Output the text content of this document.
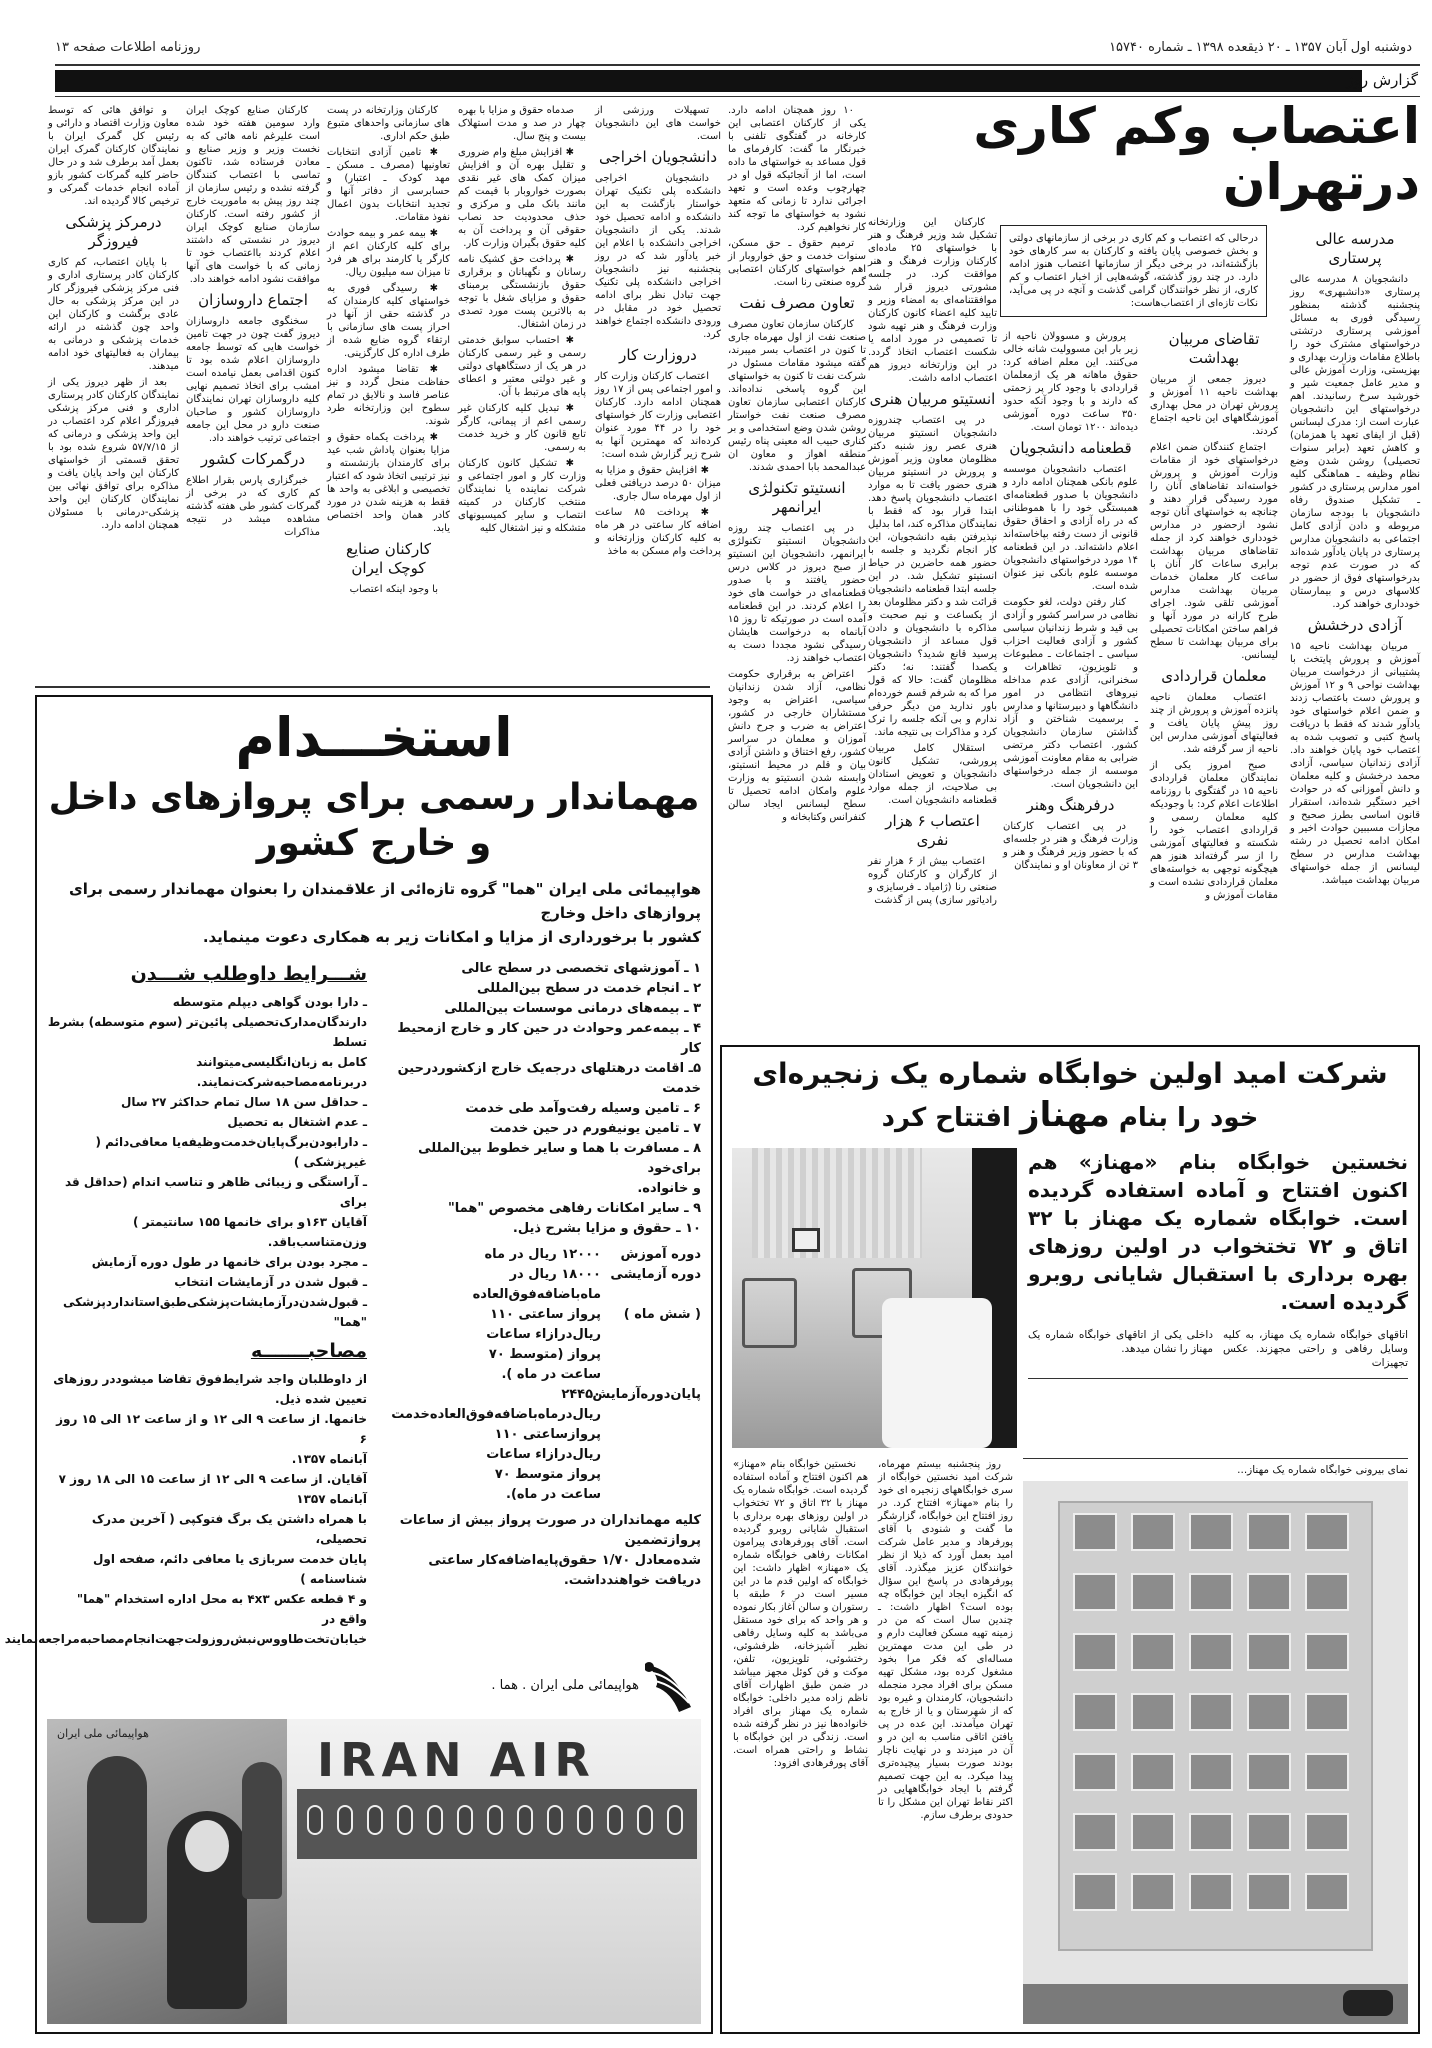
دوشنبه اول آبان ۱۳۵۷ ـ ۲۰ ذیقعده ۱۳۹۸ ـ شماره ۱۵۷۴۰
روزنامه اطلاعات صفحه ۱۳
گزارش روز
اعتصاب وکم کاری درتهران
درحالی که اعتصاب و کم کاری در برخی از سازمانهای دولتی و بخش خصوصی پایان یافته و کارکنان به سر کارهای خود بازگشته‌اند، در برخی دیگر از سازمانها اعتصاب هنوز ادامه دارد. در چند روز گذشته، گوشه‌هایی از اخبار اعتصاب و کم کاری، از نظر خوانندگان گرامی گذشت و آنچه در پی می‌آید، نکات تازه‌ای از اعتصاب‌هاست:
مدرسه عالی پرستاری

دانشجویان ۸ مدرسه عالی پرستاری «دانشبهری» روز پنجشنبه گذشته بمنظور رسیدگی فوری به مسائل آموزشی پرستاری درتشتی درخواستهای مشترک خود را باطلاع مقامات وزارت بهداری و بهزیستی، وزارت آموزش عالی و مدیر عامل جمعیت شیر و خورشید سرخ رسانیدند. اهم درخواستهای این دانشجویان عبارت است از: مدرک لیسانس (قبل از ایفای تعهد یا همزمان) و کاهش تعهد (برابر سنوات تحصیلی) روشن شدن وضع نظام وظیفه ـ هماهنگی کلیه امور مدارس پرستاری در کشور ـ تشکیل صندوق رفاه دانشجویان با بودجه سازمان مربوطه و دادن آزادی کامل اجتماعی به دانشجویان مدارس پرستاری در پایان یادآور شده‌اند که در صورت عدم توجه بدرخواستهای فوق از حضور در کلاسهای درس و بیمارستان خودداری خواهند کرد.

آزادی درخشش

مربیان بهداشت ناحیه ۱۵ آموزش و پرورش پایتخت با پشتیبانی از درخواست مربیان بهداشت نواحی ۹ و ۱۲ آموزش و پرورش دست باعتصاب زدند و ضمن اعلام خواستهای خود یادآور شدند که فقط با دریافت پاسخ کتبی و تصویب شده به اعتصاب خود پایان خواهند داد. آزادی زندانیان سیاسی، آزادی محمد درخشش و کلیه معلمان و دانش آموزانی که در حوادث اخیر دستگیر شده‌اند، استقرار قانون اساسی بطرز صحیح و مجازات مسببین حوادث اخیر و امکان ادامه تحصیل در رشته بهداشت مدارس در سطح لیسانس از جمله خواستهای مربیان بهداشت میباشد.

تقاضای مربیان بهداشت

دیروز جمعی از مربیان بهداشت ناحیه ۱۱ آموزش و پرورش تهران در محل بهداری آموزشگاههای این ناحیه اجتماع کردند.

اجتماع کنندگان ضمن اعلام درخواستهای خود از مقامات وزارت آموزش و پرورش خواسته‌اند تقاضاهای آنان را مورد رسیدگی قرار دهند و چنانچه به خواستهای آنان توجه نشود ازحضور در مدارس خودداری خواهند کرد از جمله تقاضاهای مربیان بهداشت برابری ساعات کار آنان با ساعت کار معلمان خدمات مربیان بهداشت مدارس آموزشی تلقی شود. اجرای طرح کارانه در مورد آنها و فراهم ساختن امکانات تحصیلی برای مربیان بهداشت تا سطح لیسانس.

معلمان قراردادی

اعتصاب معلمان ناحیه پانزده آموزش و پرورش از چند روز پیش پایان یافت و فعالیتهای آموزشی مدارس این ناحیه از سر گرفته شد.

صبح امروز یکی از نمایندگان معلمان قراردادی ناحیه ۱۵ در گفتگوی با روزنامه اطلاعات اعلام کرد: با وجودیکه کلیه معلمان رسمی و قراردادی اعتصاب خود را شکسته و فعالیتهای آموزشی را از سر گرفته‌اند هنوز هم هیچگونه توجهی به خواسته‌های معلمان قراردادی نشده است و مقامات آموزش و

پرورش و مسوولان ناحیه از زیر بار این مسوولیت شانه خالی می‌کنند. این معلم اضافه کرد: حقوق ماهانه هر یک ازمعلمان قراردادی با وجود کار پر زحمتی که دارند و با وجود آنکه حدود ۳۵۰ ساعت دوره آموزشی دیده‌اند ۱۲۰۰ تومان است.

قطعنامه دانشجویان

اعتصاب دانشجویان موسسه علوم بانکی همچنان ادامه دارد و دانشجویان با صدور قطعنامه‌ای همبستگی خود را با هموطنانی که در راه آزادی و احقاق حقوق قانونی از دست رفته بپاخاسته‌اند اعلام داشته‌اند. در این قطعنامه ۱۴ مورد درخواستهای دانشجویان موسسه علوم بانکی نیز عنوان شده است.

کنار رفتن دولت، لغو حکومت نظامی در سراسر کشور و آزادی بی قید و شرط زندانیان سیاسی کشور و آزادی فعالیت احزاب سیاسی ـ اجتماعات ـ مطبوعات و تلویزیون، تظاهرات و سخنرانی، آزادی عدم مداخله نیروهای انتظامی در امور دانشگاهها و دبیرستانها و مدارس ـ برسمیت شناختن و آزاد گذاشتن سازمان دانشجویان کشور. اعتصاب دکتر مرتضی ضرابی به مقام معاونت آموزشی موسسه از جمله درخواستهای این دانشجویان است.

درفرهنگ وهنر

در پی اعتصاب کارکنان وزارت فرهنگ و هنر در جلسه‌ای که با حضور وزیر فرهنگ و هنر و ۳ تن از معاونان او و نمایندگان

کارکنان این وزارتخانه تشکیل شد وزیر فرهنگ و هنر با خواستهای ۲۵ ماده‌ای کارکنان وزارت فرهنگ و هنر موافقت کرد. در جلسه مشورتی دیروز قرار شد موافقتنامه‌ای به امضاء وزیر و تایید کلیه اعضاء کانون کارکنان وزارت فرهنگ و هنر تهیه شود تا تصمیمی در مورد ادامه یا شکست اعتصاب اتخاذ گردد. در این وزارتخانه دیروز هم اعتصاب ادامه داشت.

انستیتو مربیان هنری

در پی اعتصاب چندروزه دانشجویان انستیتو مربیان هنری عصر روز شنبه دکتر مظلومان معاون وزیر آموزش و پرورش در انستیتو مربیان هنری حضور یافت تا به موارد اعتصاب دانشجویان پاسخ دهد. ابتدا قرار بود که فقط با نمایندگان مذاکره کند، اما بدلیل نپذیرفتن بقیه دانشجویان، این کار انجام نگردید و جلسه با حضور همه حاضرین در حیاط انستیتو تشکیل شد. در این جلسه ابتدا قطعنامه دانشجویان قرائت شد و دکتر مظلومان بعد از یکساعت و نیم صحبت و مذاکره با دانشجویان و دادن قول مساعد از دانشجویان پرسید قانع شدید؟ دانشجویان یکصدا گفتند: نه؛ دکتر مظلومان گفت: حالا که قول مرا که به شرفم قسم خورده‌ام باور ندارید من دیگر حرفی ندارم و بی آنکه جلسه را ترک کرد و مذاکرات بی نتیجه ماند.

استقلال کامل مربیان پرورشی، تشکیل کانون دانشجویان و تعویض استادان بی صلاحیت، از جمله موارد قطعنامه دانشجویان است.

اعتصاب ۶ هزار نفری

اعتصاب بیش از ۶ هزار نفر از کارگران و کارکنان گروه صنعتی رنا (ژامیاد ـ فرسایزی و رادیاتور سازی) پس از گذشت

۱۰ روز همچنان ادامه دارد. یکی از کارکنان اعتصابی این کارخانه در گفتگوی تلفنی با خبرنگار ما گفت: کارفرمای ما قول مساعد به خواستهای ما داده است، اما از آنجائیکه قول او در چهارچوب وعده است و تعهد اجرائی ندارد تا زمانی که متعهد نشود به خواستهای ما توجه کند کار نخواهیم کرد.

ترمیم حقوق ـ حق مسکن، سنوات خدمت و حق خواروبار از اهم خواستهای کارکنان اعتصابی گروه صنعتی رنا است.

تعاون مصرف نفت

کارکنان سازمان تعاون مصرف صنعت نفت از اول مهرماه جاری تا کنون در اعتصاب بسر میبرند، گفته میشود مقامات مسئول در شرکت نفت تا کنون به خواستهای این گروه پاسخی نداده‌اند. کارکنان اعتصابی سازمان تعاون مصرف صنعت نفت خواستار روشن شدن وضع استخدامی و بر کناری حبیب اله معینی پناه رئیس منطقه اهواز و معاون ان عبدالمحمد بابا احمدی شدند.

انستیتو تکنولژی ایرانمهر

در پی اعتصاب چند روزه دانشجویان انستیتو تکنولژی ایرانمهر، دانشجویان این انستیتو از صبح دیروز در کلاس درس حضور یافتند و با صدور قطعنامه‌ای در خواست های خود را اعلام کردند. در این قطعنامه آمده است در صورتیکه تا روز ۱۵ آبانماه به درخواست هایشان رسیدگی نشود مجددا دست به اعتصاب خواهند زد.

اعتراض به برقراری حکومت نظامی، آزاد شدن زندانیان سیاسی، اعتراض به وجود مستشاران خارجی در کشور، اعتراض به ضرب و جرح دانش آموزان و معلمان در سراسر کشور، رفع اختناق و داشتن آزادی بیان و قلم در محیط انستیتو، وابسته شدن انستیتو به وزارت علوم وامکان ادامه تحصیل تا سطح لیسانس ایجاد سالن کنفرانس وکتابخانه و

تسهیلات ورزشی از خواست های این دانشجویان است.

دانشجویان اخراجی

دانشجویان اخراجی دانشکده پلی تکنیک تهران خواستار بازگشت به این دانشکده و ادامه تحصیل خود شدند. یکی از دانشجویان اخراجی دانشکده با اعلام این خبر یادآور شد که در روز پنجشنبه نیز دانشجویان اخراجی دانشکده پلی تکنیک جهت تبادل نظر برای ادامه تحصیل خود در مقابل در ورودی دانشکده اجتماع خواهند کرد.

دروزارت کار

اعتصاب کارکنان وزارت کار و امور اجتماعی پس از ۱۷ روز همچنان ادامه دارد. کارکنان اعتصابی وزارت کار خواستهای خود را در ۴۴ مورد عنوان کرده‌اند که مهمترین آنها به شرح زیر گزارش شده است:

✱ افزایش حقوق و مزایا به میزان ۵۰ درصد دریافتی فعلی از اول مهرماه سال جاری.

✱ پرداخت ۸۵ ساعت اضافه کار ساعتی در هر ماه به کلیه کارکنان وزارتخانه و پرداخت وام مسکن به ماخذ

صدماه حقوق و مزایا با بهره چهار در صد و مدت استهلاک بیست و پنج سال.

✱ افزایش مبلغ وام ضروری و تقلیل بهره آن و افزایش میزان کمک های غیر نقدی بصورت خواروبار با قیمت کم مانند بانک ملی و مرکزی و حذف محدودیت حد نصاب حقوقی آن و پرداخت آن به کلیه حقوق بگیران وزارت کار.

✱ پرداخت حق کشیک نامه رسانان و نگهبانان و برقراری حقوق بازنشستگی برمبنای حقوق و مزایای شغل با توجه به بالاترین پست مورد تصدی در زمان اشتغال.

✱ احتساب سوابق خدمتی رسمی و غیر رسمی کارکنان در هر یک از دستگاههای دولتی و غیر دولتی معتبر و اعطای پایه های مرتبط با آن.

✱ تبدیل کلیه کارکنان غیر رسمی اعم از پیمانی، کارگر تابع قانون کار و خرید خدمت به رسمی.

✱ تشکیل کانون کارکنان وزارت کار و امور اجتماعی و شرکت نماینده یا نمایندگان منتخب کارکنان در کمیته انتصاب و سایر کمیسیونهای متشکله و نیز اشتغال کلیه

کارکنان وزارتخانه در پست های سازمانی واحدهای متبوع طبق حکم اداری.

✱ تامین آزادی انتخابات تعاونیها (مصرف ـ مسکن ـ مهد کودک ـ اعتبار) و حسابرسی از دفاتر آنها و تجدید انتخابات بدون اعمال نفوذ مقامات.

✱ بیمه عمر و بیمه حوادث برای کلیه کارکنان اعم از کارگر یا کارمند برای هر فرد تا میزان سه میلیون ریال.

✱ رسیدگی فوری به خواستهای کلیه کارمندان که در گذشته حقی از آنها در احراز پست های سازمانی با ارتقاء گروه ضایع شده از طرف اداره کل کارگزینی.

✱ تقاضا میشود اداره حفاظت منحل گردد و نیز عناصر فاسد و نالایق در تمام سطوح این وزارتخانه طرد شوند.

✱ پرداخت یکماه حقوق و مزایا بعنوان پاداش شب عید برای کارمندان بازنشسته و نیز ترتیبی اتخاذ شود که اعتبار تخصیصی و ابلاغی به واحد ها فقط به هزینه شدن در مورد کادر همان واحد اختصاص یابد.

کارکنان صنایع کوچک ایران

با وجود اینکه اعتصاب

کارکنان صنایع کوچک ایران وارد سومین هفته خود شده است علیرغم نامه هائی که به نخست وزیر و وزیر صنایع و معادن فرستاده شد، تاکنون تماسی با اعتصاب کنندگان گرفته نشده و رئیس سازمان از چند روز پیش به ماموریت خارج از کشور رفته است. کارکنان سازمان صنایع کوچک ایران دیروز در نشستی که داشتند اعلام کردند بااعتصاب خود تا زمانی که با خواست های آنها موافقت نشود ادامه خواهند داد.

اجتماع داروسازان

سخنگوی جامعه داروسازان دیروز گفت چون در جهت تامین خواست هایی که توسط جامعه داروسازان اعلام شده بود تا کنون اقدامی بعمل نیامده است امشب برای اتخاذ تصمیم نهایی کلیه داروسازان تهران نمایندگان داروسازان کشور و صاحبان صنعت دارو در محل این جامعه اجتماعی ترتیب خواهند داد.

درگمرکات کشور

خبرگزاری پارس بقرار اطلاع کم کاری که در برخی از گمرکات کشور طی هفته گذشته مشاهده میشد در نتیجه مذاکرات

و توافق هائی که توسط معاون وزارت اقتصاد و دارائی و رئیس کل گمرک ایران با نمایندگان کارکنان گمرک ایران بعمل آمد برطرف شد و در حال حاضر کلیه گمرکات کشور بازو آماده انجام خدمات گمرکی و ترخیص کالا گردیده اند.

درمرکز پزشکی فیروزگر

با پایان اعتصاب، کم کاری کارکنان کادر پرستاری اداری و فنی مرکز پزشکی فیروزگر کار در این مرکز پزشکی به حال عادی برگشت و کارکنان این واحد چون گذشته در ارائه خدمات پزشکی و درمانی به بیماران به فعالیتهای خود ادامه میدهند.

بعد از ظهر دیروز یکی از نمایندگان کارکنان کادر پرستاری اداری و فنی مرکز پزشکی فیروزگر اعلام کرد اعتصاب در این واحد پزشکی و درمانی که از ۵۷/۷/۱۵ شروع شده بود با تحقق قسمتی از خواستهای کارکنان این واحد پایان یافت و مذاکره برای توافق نهائی بین نمایندگان کارکنان این واحد پزشکی-درمانی با مسئولان همچنان ادامه دارد.

استخـــدام
مهماندار رسمی برای پروازهای داخل و خارج کشور
هواپیمائی ملی ایران "هما" گروه تازه‌ائی از علاقمندان را بعنوان مهماندار رسمی برای پروازهای داخل وخارج
کشور با برخورداری از مزایا و امکانات زیر به همکاری دعوت مینماید.
۱ ـ آموزشهای تخصصی در سطح عالی
۲ ـ انجام خدمت در سطح بین‌المللی
۳ ـ بیمه‌های درمانی موسسات بین‌المللی
۴ ـ بیمه‌عمر وحوادث در حین کار و خارج ازمحیط کار
۵ـ اقامت درهتلهای درجه‌یک خارج ازکشوردرحین خدمت
۶ ـ تامین وسیله رفت‌وآمد طی خدمت
۷ ـ تامین یونیفورم در حین خدمت
۸ ـ مسافرت با هما و سایر خطوط بین‌المللی برای‌خود
و خانواده.
۹ ـ سایر امکانات رفاهی مخصوص "هما"
۱۰ ـ حقوق و مزایا بشرح ذیل.
دوره آموزش
۱۲۰۰۰ ریال در ماه
دوره آزمایشی
۱۸۰۰۰ ریال در ماه‌باضافه‌فوق‌العاده
( شش ماه )
پرواز ساعتی ۱۱۰
ریال‌درازاء ساعات
پرواز (متوسط ۷۰
ساعت در ماه ).
پایان‌دوره‌آزمایش
۲۴۴۵۰ ریال‌درماه‌باضافه‌فوق‌العاده‌خدمت
پروازساعتی ۱۱۰
ریال‌درازاء ساعات
پرواز متوسط ۷۰
ساعت در ماه).
کلیه مهمانداران در صورت پرواز بیش از ساعات پروازتضمین
شده‌معادل ۱/۷۰ حقوق‌پایه‌اضافه‌کار ساعتی دریافت خواهندداشت.
شـــرایط داوطلب شـــدن
ـ دارا بودن گواهی دیپلم متوسطه
دارندگان‌مدارک‌تحصیلی پائین‌تر (سوم متوسطه) بشرط تسلط
کامل به زبان‌انگلیسی‌میتوانند دربرنامه‌مصاحبه‌شرکت‌نمایند.
ـ حداقل سن ۱۸ سال تمام حداکثر ۲۷ سال
ـ عدم اشتغال به تحصیل
ـ دارابودن‌برگ‌پایان‌خدمت‌وظیفه‌یا معافی‌دائم ( غیرپزشکی )
ـ آراستگی و زیبائی ظاهر و تناسب اندام (حداقل قد برای
آقایان ۱۶۳و برای خانمها ۱۵۵ سانتیمتر ) وزن‌متناسب‌باقد.
ـ مجرد بودن برای خانمها در طول دوره آزمایش
ـ قبول شدن در آزمایشات انتخاب
ـ قبول‌شدن‌درآزمایشات‌پزشکی‌طبق‌استاندارد‌پزشکی "هما"
مصاحبـــــــه
از داوطلبان واجد شرایط‌فوق تقاضا میشوددر روزهای
تعیین شده ذیل.
خانمها. از ساعت ۹ الی ۱۲ و از ساعت ۱۲ الی ۱۵ روز ۶
آبانماه ۱۳۵۷.
آقایان. از ساعت ۹ الی ۱۲ از ساعت ۱۵ الی ۱۸ روز ۷
آبانماه ۱۳۵۷
با همراه داشتن یک برگ فتوکپی ( آخرین مدرک تحصیلی،
پایان خدمت سربازی یا معافی دائم، صفحه اول شناسنامه )
و ۴ قطعه عکس ۴x۳ به محل اداره استخدام "هما" واقع در
خیابان‌تخت‌طاووس‌نبش‌روزولت‌جهت‌انجام‌مصاحبه‌مراجعه‌نمایند
هواپیمائی ملی ایران . هما .
IRAN AIR
هواپیمائی ملی ایران
شرکت امید اولین خوابگاه شماره یک زنجیره‌ای
خود را بنام مهناز افتتاح کرد
نخستین خوابگاه بنام «مهناز» هم اکنون افتتاح و آماده استفاده گردیده است. خوابگاه شماره یک مهناز با ۳۲ اتاق و ۷۲ تختخواب در اولین روزهای بهره برداری با استقبال شایانی روبرو گردیده است.
اتاقهای خوابگاه شماره یک مهناز، به کلیه وسایل رفاهی و راحتی مجهزند. عکس تجهیزات
داخلی یکی از اتاقهای خوابگاه شماره یک مهناز را نشان میدهد.
نمای بیرونی خوابگاه شماره یک مهناز...

روز پنجشنبه بیستم مهرماه، شرکت امید نخستین خوابگاه از سری خوابگاههای زنجیره ای خود را بنام «مهناز» افتتاح کرد. در روز افتتاح این خوابگاه، گزارشگر ما گفت و شنودی با آقای پورفرهاد و مدیر عامل شرکت امید بعمل آورد که ذیلا از نظر خوانندگان عزیز میگذرد. آقای پورفرهادی در پاسخ این سؤال که انگیزه ایجاد این خوابگاه چه بوده است؟ اظهار داشت: ـ چندین سال است که من در زمینه تهیه مسکن فعالیت دارم و در طی این مدت مهمترین مساله‌ای که فکر مرا بخود مشغول کرده بود، مشکل تهیه مسکن برای افراد مجرد منجمله دانشجویان، کارمندان و غیره بود که از شهرستان و یا از خارج به تهران میآمدند. این عده در پی یافتن اتاقی مناسب به این در و آن در میزدند و در نهایت ناچار بودند صورت بسیار پیچیده‌تری پیدا میکرد. به این جهت تصمیم گرفتم با ایجاد خوابگاههایی در اکثر نقاط تهران این مشکل را تا حدودی برطرف سازم.

نخستین خوابگاه بنام «مهناز» هم اکنون افتتاح و آماده استفاده گردیده است. خوابگاه شماره یک مهناز با ۳۲ اتاق و ۷۲ تختخواب در اولین روزهای بهره برداری با استقبال شایانی روبرو گردیده است. آقای پورفرهادی پیرامون امکانات رفاهی خوابگاه شماره یک «مهناز» اظهار داشت: این خوابگاه که اولین قدم ما در این مسیر است در ۶ طبقه با رستوران و سالن آغاز بکار نموده و هر واحد که برای خود مستقل می‌باشد به کلیه وسایل رفاهی نظیر آشپزخانه، ظرفشوئی، رختشوئی، تلویزیون، تلفن، موکت و فن کوئل مجهز میباشد در ضمن طبق اظهارات آقای ناظم زاده مدیر داخلی: خوابگاه شماره یک مهناز برای افراد خانواده‌ها نیز در نظر گرفته شده است. زندگی در این خوابگاه با نشاط و راحتی همراه است. آقای پورفرهادی افزود:
